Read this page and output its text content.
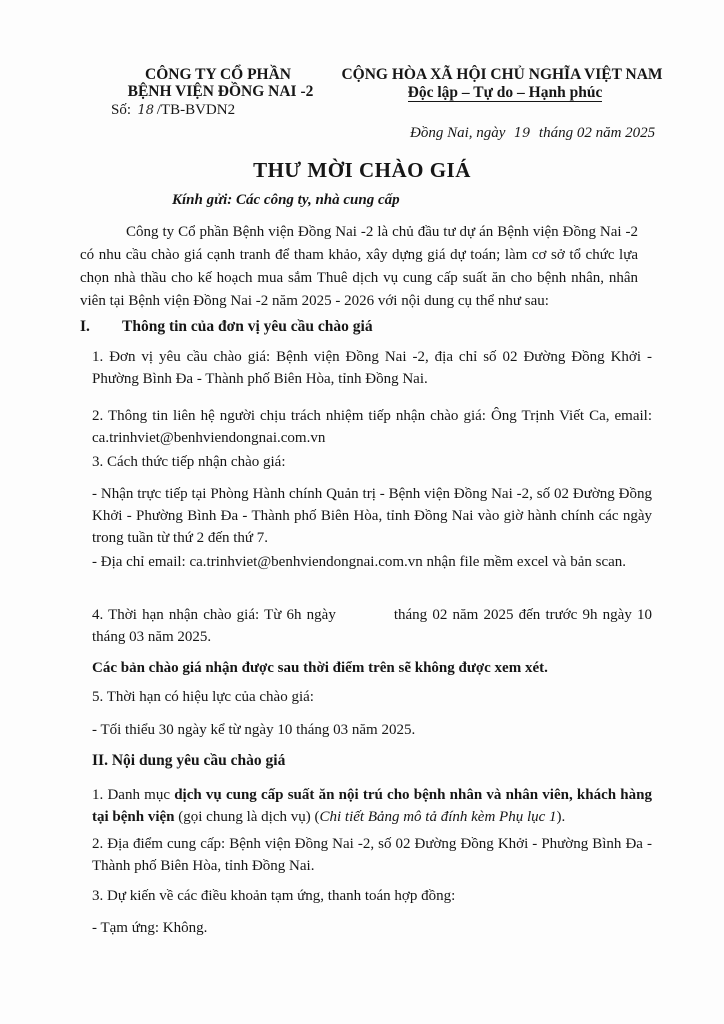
CÔNG TY CỔ PHẦN
BỆNH VIỆN ĐỒNG NAI -2
Số: 18 /TB-BVDN2
CỘNG HÒA XÃ HỘI CHỦ NGHĨA VIỆT NAM
Độc lập – Tự do – Hạnh phúc
Đồng Nai, ngày 19 tháng 02 năm 2025
THƯ MỜI CHÀO GIÁ
Kính gửi: Các công ty, nhà cung cấp
Công ty Cổ phần Bệnh viện Đồng Nai -2 là chủ đầu tư dự án Bệnh viện Đồng Nai -2 có nhu cầu chào giá cạnh tranh để tham khảo, xây dựng giá dự toán; làm cơ sở tổ chức lựa chọn nhà thầu cho kế hoạch mua sắm Thuê dịch vụ cung cấp suất ăn cho bệnh nhân, nhân viên tại Bệnh viện Đồng Nai -2 năm 2025 - 2026 với nội dung cụ thể như sau:
I. Thông tin của đơn vị yêu cầu chào giá
1. Đơn vị yêu cầu chào giá: Bệnh viện Đồng Nai -2, địa chỉ số 02 Đường Đồng Khởi - Phường Bình Đa - Thành phố Biên Hòa, tỉnh Đồng Nai.
2. Thông tin liên hệ người chịu trách nhiệm tiếp nhận chào giá: Ông Trịnh Viết Ca, email: ca.trinhviet@benhviendongnai.com.vn
3. Cách thức tiếp nhận chào giá:
- Nhận trực tiếp tại Phòng Hành chính Quản trị - Bệnh viện Đồng Nai -2, số 02 Đường Đồng Khởi - Phường Bình Đa - Thành phố Biên Hòa, tỉnh Đồng Nai vào giờ hành chính các ngày trong tuần từ thứ 2 đến thứ 7.
- Địa chỉ email: ca.trinhviet@benhviendongnai.com.vn nhận file mềm excel và bản scan.
4. Thời hạn nhận chào giá: Từ 6h ngày	tháng 02 năm 2025 đến trước 9h ngày 10 tháng 03 năm 2025.
Các bản chào giá nhận được sau thời điểm trên sẽ không được xem xét.
5. Thời hạn có hiệu lực của chào giá:
- Tối thiểu 30 ngày kể từ ngày 10 tháng 03 năm 2025.
II. Nội dung yêu cầu chào giá
1. Danh mục dịch vụ cung cấp suất ăn nội trú cho bệnh nhân và nhân viên, khách hàng tại bệnh viện (gọi chung là dịch vụ) (Chi tiết Bảng mô tả đính kèm Phụ lục 1).
2. Địa điểm cung cấp: Bệnh viện Đồng Nai -2, số 02 Đường Đồng Khởi - Phường Bình Đa - Thành phố Biên Hòa, tỉnh Đồng Nai.
3. Dự kiến về các điều khoản tạm ứng, thanh toán hợp đồng:
- Tạm ứng: Không.
